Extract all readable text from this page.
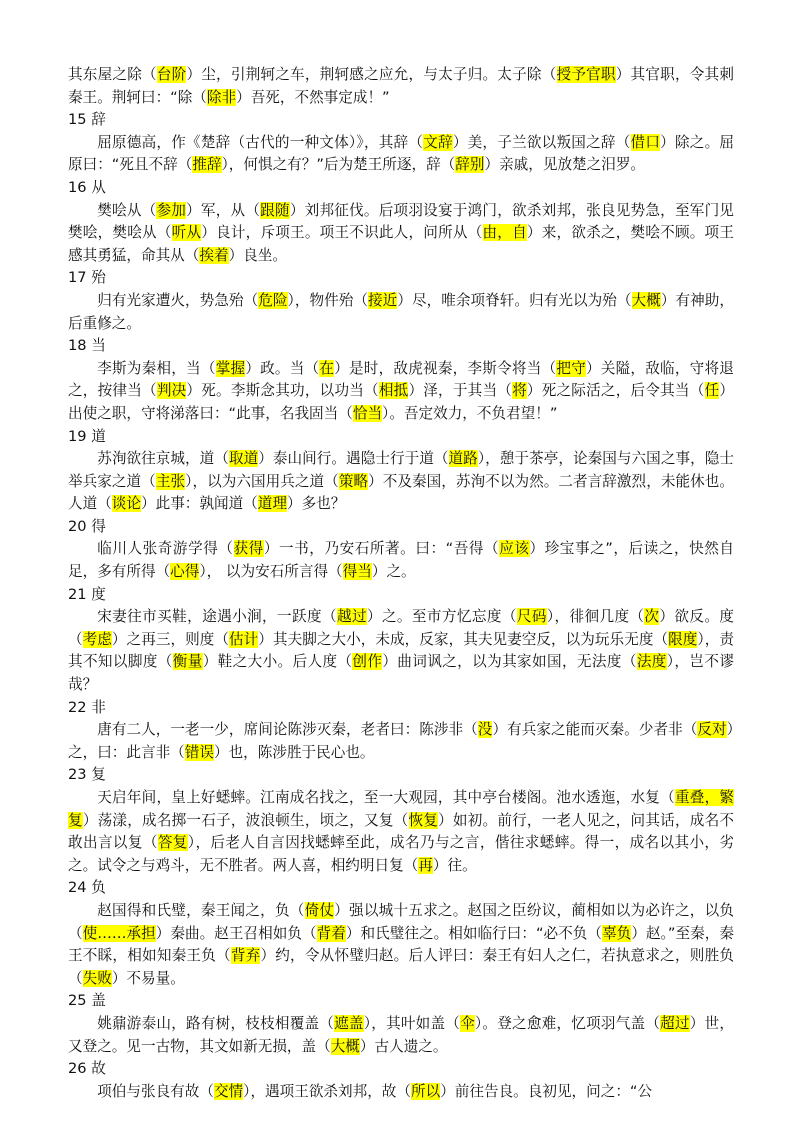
其东屋之除（台阶）尘，引荆轲之车，荆轲感之应允，与太子归。太子除（授予官职）其官职，令其刺秦王。荆轲曰：“除（除非）吾死，不然事定成！”

15 辞

屈原德高，作《楚辞（古代的一种文体）》，其辞（文辞）美，子兰欲以叛国之辞（借口）除之。屈原曰：“死且不辞（推辞），何惧之有？”后为楚王所逐，辞（辞别）亲戚，见放楚之汨罗。

16 从

樊哙从（参加）军，从（跟随）刘邦征伐。后项羽设宴于鸿门，欲杀刘邦，张良见势急，至军门见樊哙，樊哙从（听从）良计，斥项王。项王不识此人，问所从（由，自）来，欲杀之，樊哙不顾。项王感其勇猛，命其从（挨着）良坐。

17 殆

归有光家遭火，势急殆（危险），物件殆（接近）尽，唯余项脊轩。归有光以为殆（大概）有神助，后重修之。

18 当

李斯为秦相，当（掌握）政。当（在）是时，敌虎视秦，李斯令将当（把守）关隘，敌临，守将退之，按律当（判决）死。李斯念其功，以功当（相抵）泽，于其当（将）死之际活之，后令其当（任）出使之职，守将涕落曰：“此事，名我固当（恰当）。吾定效力，不负君望！”

19 道

苏洵欲往京城，道（取道）泰山间行。遇隐士行于道（道路），憩于茶亭，论秦国与六国之事，隐士举兵家之道（主张），以为六国用兵之道（策略）不及秦国，苏洵不以为然。二者言辞激烈，未能休也。人道（谈论）此事：孰闻道（道理）多也？

20 得

临川人张奇游学得（获得）一书，乃安石所著。曰：“吾得（应该）珍宝事之”，后读之，快然自足，多有所得（心得）， 以为安石所言得（得当）之。

21 度

宋妻往市买鞋，途遇小涧，一跃度（越过）之。至市方忆忘度（尺码），徘徊几度（次）欲反。度（考虑）之再三，则度（估计）其夫脚之大小，未成，反家，其夫见妻空反，以为玩乐无度（限度），责其不知以脚度（衡量）鞋之大小。后人度（创作）曲词讽之，以为其家如国，无法度（法度），岂不谬哉？

22 非

唐有二人，一老一少，席间论陈涉灭秦，老者曰：陈涉非（没）有兵家之能而灭秦。少者非（反对）之，曰：此言非（错误）也，陈涉胜于民心也。

23 复

天启年间，皇上好蟋蟀。江南成名找之，至一大观园，其中亭台楼阁。池水透迤，水复（重叠，繁复）荡漾，成名掷一石子，波浪顿生，顷之，又复（恢复）如初。前行，一老人见之，问其话，成名不敢出言以复（答复），后老人自言因找蟋蟀至此，成名乃与之言，偕往求蟋蟀。得一，成名以其小，劣之。试令之与鸡斗，无不胜者。两人喜，相约明日复（再）往。

24 负

赵国得和氏璧，秦王闻之，负（倚仗）强以城十五求之。赵国之臣纷议，蔺相如以为必许之，以负（使……承担）秦曲。赵王召相如负（背着）和氏璧往之。相如临行曰：“必不负（辜负）赵。”至秦，秦王不睬，相如知秦王负（背弃）约，令从怀璧归赵。后人评曰：秦王有妇人之仁，若执意求之，则胜负（失败）不易量。

25 盖

姚鼐游泰山，路有树，枝枝相覆盖（遮盖），其叶如盖（伞）。登之愈难，忆项羽气盖（超过）世，又登之。见一古物，其文如新无损，盖（大概）古人遗之。

26 故

项伯与张良有故（交情），遇项王欲杀刘邦，故（所以）前往告良。良初见，问之：“公
